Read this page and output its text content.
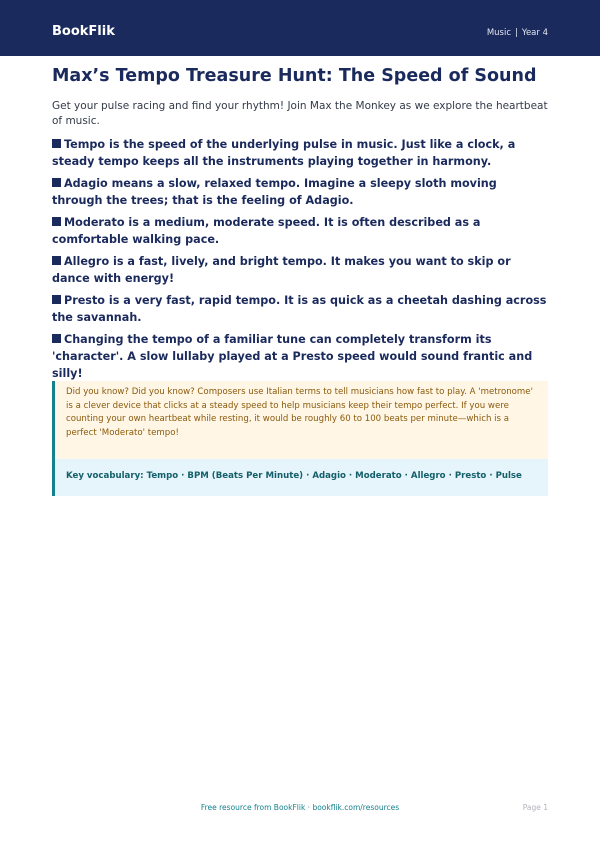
BookFlik	Music | Year 4
Max’s Tempo Treasure Hunt: The Speed of Sound

Get your pulse racing and find your rhythm! Join Max the Monkey as we explore the heartbeat of music.

Tempo is the speed of the underlying pulse in music. Just like a clock, a steady tempo keeps all the instruments playing together in harmony.
Adagio means a slow, relaxed tempo. Imagine a sleepy sloth moving through the trees; that is the feeling of Adagio.
Moderato is a medium, moderate speed. It is often described as a comfortable walking pace.
Allegro is a fast, lively, and bright tempo. It makes you want to skip or dance with energy!
Presto is a very fast, rapid tempo. It is as quick as a cheetah dashing across the savannah.
Changing the tempo of a familiar tune can completely transform its 'character'. A slow lullaby played at a Presto speed would sound frantic and silly!
Did you know? Did you know? Composers use Italian terms to tell musicians how fast to play. A 'metronome' is a clever device that clicks at a steady speed to help musicians keep their tempo perfect. If you were counting your own heartbeat while resting, it would be roughly 60 to 100 beats per minute—which is a perfect 'Moderato' tempo!
Key vocabulary: Tempo · BPM (Beats Per Minute) · Adagio · Moderato · Allegro · Presto · Pulse
Free resource from BookFlik · bookflik.com/resources	Page 1
